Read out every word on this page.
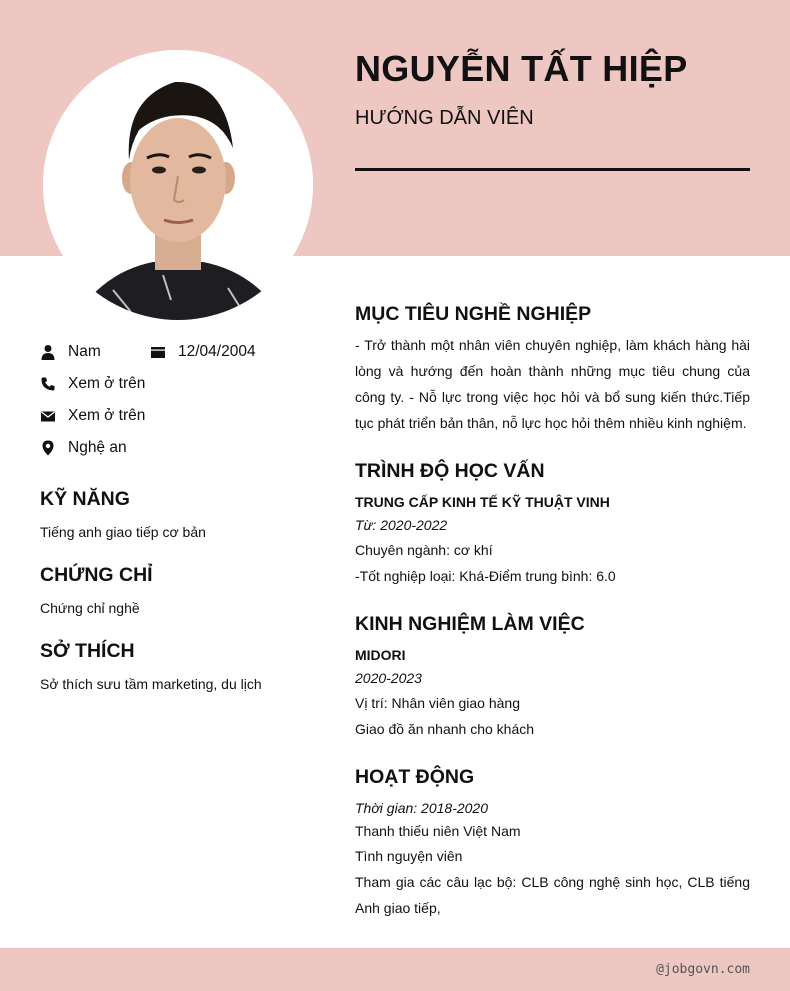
NGUYỄN TẤT HIỆP
HƯỚNG DẪN VIÊN
Nam	12/04/2004
Xem ở trên
Xem ở trên
Nghệ an
KỸ NĂNG
Tiếng anh giao tiếp cơ bản
CHỨNG CHỈ
Chứng chỉ nghề
SỞ THÍCH
Sở thích sưu tầm marketing, du lịch
MỤC TIÊU NGHỀ NGHIỆP
- Trở thành một nhân viên chuyên nghiệp, làm khách hàng hài lòng và hướng đến hoàn thành những mục tiêu chung của công ty. - Nỗ lực trong việc học hỏi và bổ sung kiến thức.Tiếp tục phát triển bản thân, nỗ lực học hỏi thêm nhiều kinh nghiệm.
TRÌNH ĐỘ HỌC VẤN
TRUNG CẤP KINH TẾ KỸ THUẬT VINH
Từ: 2020-2022
Chuyên ngành: cơ khí
-Tốt nghiệp loại: Khá-Điểm trung bình: 6.0
KINH NGHIỆM LÀM VIỆC
MIDORI
2020-2023
Vị trí: Nhân viên giao hàng
Giao đồ ăn nhanh cho khách
HOẠT ĐỘNG
Thời gian: 2018-2020
Thanh thiếu niên Việt Nam
Tình nguyện viên
Tham gia các câu lạc bộ: CLB công nghệ sinh học, CLB tiếng Anh giao tiếp,
@jobgovn.com
